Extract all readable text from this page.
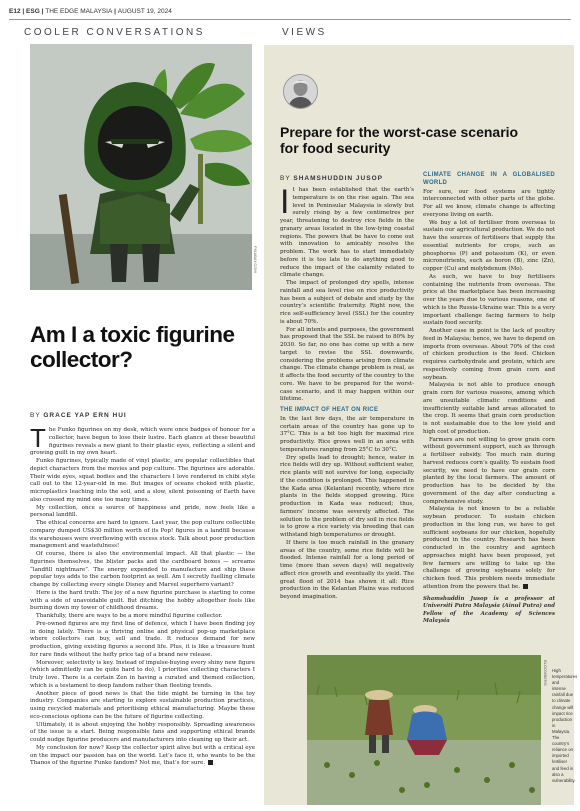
E12 | ESG | THE EDGE MALAYSIA | AUGUST 19, 2024
COOLER CONVERSATIONS	VIEWS
PIXABAY.COM
Am I a toxic figurine collector?
BY GRACE YAP ERN HUI

The Funko figurines on my desk, which were once badges of honour for a collector, have begun to lose their lustre. Each glance at these beautiful figurines reveals a new giant to their plastic eyes, reflecting a silent and growing guilt in my own heart.

Funko figurines, typically made of vinyl plastic, are popular collectibles that depict characters from the movies and pop culture. The figurines are adorable. Their wide eyes, squat bodies and the characters I love rendered in chibi style call out to the 12-year-old in me. But images of oceans choked with plastic, microplastics leaching into the soil, and a slow, silent poisoning of Earth have also crossed my mind one too many times.

My collection, once a source of happiness and pride, now feels like a personal landfill.

The ethical concerns are hard to ignore. Last year, the pop culture collectible company dumped US$30 million worth of its Pop! figures in a landfill because its warehouses were overflowing with excess stock. Talk about poor production management and wastefulness!

Of course, there is also the environmental impact. All that plastic — the figurines themselves, the blister packs and the cardboard boxes — screams “landfill nightmare”. The energy expended to manufacture and ship these popular toys adds to the carbon footprint as well. Am I secretly fuelling climate change by collecting every single Disney and Marvel superhero variant?

Here is the hard truth: The joy of a new figurine purchase is starting to come with a side of unavoidable guilt. But ditching the hobby altogether feels like burning down my tower of childhood dreams.

Thankfully, there are ways to be a more mindful figurine collector.

Pre-owned figures are my first line of defence, which I have been finding joy in doing lately. There is a thriving online and physical pop-up marketplace where collectors can buy, sell and trade. It reduces demand for new production, giving existing figures a second life. Plus, it is like a treasure hunt for rare finds without the hefty price tag of a brand new release.

Moreover, selectivity is key. Instead of impulse-buying every shiny new figure (which admittedly can be quite hard to do), I prioritise collecting characters I truly love. There is a certain Zen in having a curated and themed collection, which is a testament to deep fandom rather than fleeting trends.

Another piece of good news is that the tide might be turning in the toy industry. Companies are starting to explore sustainable production practices, using recycled materials and prioritising ethical manufacturing. Maybe these eco-conscious options can be the future of figurine collecting.

Ultimately, it is about enjoying the hobby responsibly. Spreading awareness of the issue is a start. Being responsible fans and supporting ethical brands could nudge figurine producers and manufacturers into cleaning up their act.

My conclusion for now? Keep the collector spirit alive but with a critical eye on the impact our passion has on the world. Let’s face it, who wants to be the Thanos of the figurine Funko fandom? Not me, that’s for sure.

Prepare for the worst-case scenario for food security
BY SHAMSHUDDIN JUSOP

It has been established that the earth’s temperature is on the rise again. The sea level in Peninsular Malaysia is slowly but surely rising by a few centimetres per year, threatening to destroy rice fields in the granary areas located in the low-lying coastal regions. The powers that be have to come out with innovation to amicably resolve the problem. The work has to start immediately before it is too late to do anything good to reduce the impact of the calamity related to climate change.

The impact of prolonged dry spells, intense rainfall and sea level rise on rice productivity has been a subject of debate and study by the country’s scientific fraternity. Right now, the rice self-sufficiency level (SSL) for the country is about 70%.

For all intents and purposes, the government has proposed that the SSL be raised to 80% by 2030. So far, no one has come up with a new target to revise the SSL downwards, considering the problems arising from climate change. The climate change problem is real, as it affects the food security of the country to the core. We have to be prepared for the worst-case scenario, and it may happen within our lifetime.

THE IMPACT OF HEAT ON RICE

In the last few days, the air temperature in certain areas of the country has gone up to 37°C. This is a bit too high for maximal rice productivity. Rice grows well in an area with temperatures ranging from 25°C to 30°C.

Dry spells lead to drought; hence, water in rice fields will dry up. Without sufficient water, rice plants will not survive for long, especially if the condition is prolonged. This happened in the Kada area (Kelantan) recently, where rice plants in the fields stopped growing. Rice production in Kada was reduced; thus, farmers’ income was severely affected. The solution to the problem of dry soil in rice fields is to grow a rice variety via breeding that can withstand high temperatures or drought.

If there is too much rainfall in the granary areas of the country, some rice fields will be flooded. Intense rainfall for a long period of time (more than seven days) will negatively affect rice growth and eventually its yield. The great flood of 2014 has shown it all: Rice production in the Kelantan Plains was reduced beyond imagination.

CLIMATE CHANGE IN A GLOBALISED WORLD

For sure, our food systems are tightly interconnected with other parts of the globe. For all we know, climate change is affecting everyone living on earth.

We buy a lot of fertiliser from overseas to sustain our agricultural production. We do not have the sources of fertilisers that supply the essential nutrients for crops, such as phosphorus (P) and potassium (K), or even micronutrients, such as boron (B), zinc (Zn), copper (Cu) and molybdenum (Mo).

As such, we have to buy fertilisers containing the nutrients from overseas. The price at the marketplace has been increasing over the years due to various reasons, one of which is the Russia-Ukraine war. This is a very important challenge facing farmers to help sustain food security.

Another case in point is the lack of poultry feed in Malaysia; hence, we have to depend on imports from overseas. About 70% of the cost of chicken production is the feed. Chicken requires carbohydrate and protein, which are respectively coming from grain corn and soybean.

Malaysia is not able to produce enough grain corn for various reasons, among which are unsuitable climatic conditions and insufficiently suitable land areas allocated to the crop. It seems that grain corn production is not sustainable due to the low yield and high cost of production.

Farmers are not willing to grow grain corn without government support, such as through a fertiliser subsidy. Too much rain during harvest reduces corn’s quality. To sustain food security, we need to have our grain corn planted by the local farmers. The amount of production has to be decided by the government of the day after conducting a comprehensive study.

Malaysia is not known to be a reliable soybean producer. To sustain chicken production in the long run, we have to get sufficient soybeans for our chicken, hopefully produced in the country. Research has been conducted in the country and agritech approaches might have been proposed, yet few farmers are willing to take up the challenge of growing soybeans solely for chicken feed. This problem needs immediate attention from the powers that be.

Shamshuddin Jusop is a professor at Universiti Putra Malaysia (Ainul Putra) and Fellow of the Academy of Sciences Malaysia

BLOOMBERG High temperatures and intense rainfall due to climate change will impact rice production in Malaysia. The country’s reliance on imported fertiliser and feed is also a vulnerability.
